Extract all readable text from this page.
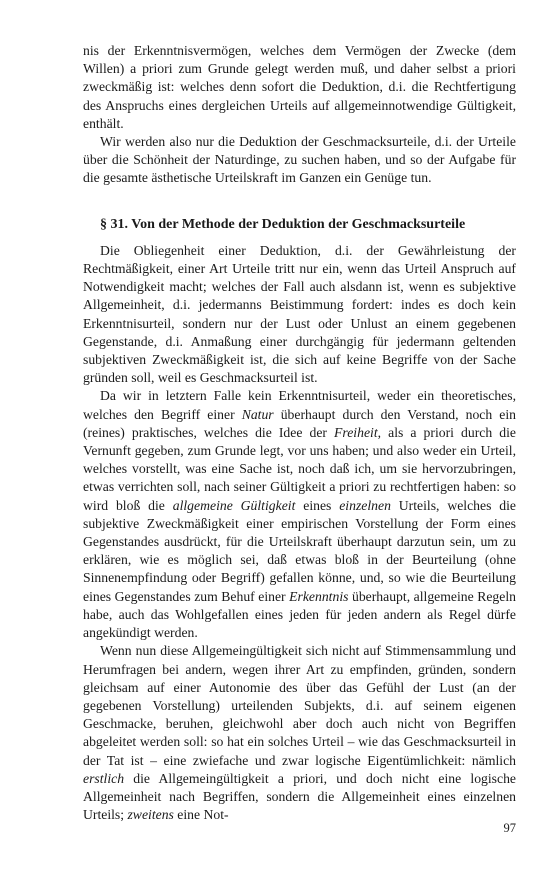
nis der Erkenntnisvermögen, welches dem Vermögen der Zwecke (dem Willen) a priori zum Grunde gelegt werden muß, und daher selbst a priori zweckmäßig ist: welches denn sofort die Deduktion, d.i. die Rechtfertigung des Anspruchs eines dergleichen Urteils auf allgemeinnotwendige Gültigkeit, enthält.

Wir werden also nur die Deduktion der Geschmacksurteile, d.i. der Urteile über die Schönheit der Naturdinge, zu suchen haben, und so der Aufgabe für die gesamte ästhetische Urteilskraft im Ganzen ein Genüge tun.

§ 31. Von der Methode der Deduktion der Geschmacksurteile

Die Obliegenheit einer Deduktion, d.i. der Gewährleistung der Rechtmäßigkeit, einer Art Urteile tritt nur ein, wenn das Urteil Anspruch auf Notwendigkeit macht; welches der Fall auch alsdann ist, wenn es subjektive Allgemeinheit, d.i. jedermanns Beistimmung fordert: indes es doch kein Erkenntnisurteil, sondern nur der Lust oder Unlust an einem gegebenen Gegenstande, d.i. Anmaßung einer durchgängig für jedermann geltenden subjektiven Zweckmäßigkeit ist, die sich auf keine Begriffe von der Sache gründen soll, weil es Geschmacksurteil ist.

Da wir in letztern Falle kein Erkenntnisurteil, weder ein theoretisches, welches den Begriff einer Natur überhaupt durch den Verstand, noch ein (reines) praktisches, welches die Idee der Freiheit, als a priori durch die Vernunft gegeben, zum Grunde legt, vor uns haben; und also weder ein Urteil, welches vorstellt, was eine Sache ist, noch daß ich, um sie hervorzubringen, etwas verrichten soll, nach seiner Gültigkeit a priori zu rechtfertigen haben: so wird bloß die allgemeine Gültigkeit eines einzelnen Urteils, welches die subjektive Zweckmäßigkeit einer empirischen Vorstellung der Form eines Gegenstandes ausdrückt, für die Urteilskraft überhaupt darzutun sein, um zu erklären, wie es möglich sei, daß etwas bloß in der Beurteilung (ohne Sinnenempfindung oder Begriff) gefallen könne, und, so wie die Beurteilung eines Gegenstandes zum Behuf einer Erkenntnis überhaupt, allgemeine Regeln habe, auch das Wohlgefallen eines jeden für jeden andern als Regel dürfe angekündigt werden.

Wenn nun diese Allgemeingültigkeit sich nicht auf Stimmensammlung und Herumfragen bei andern, wegen ihrer Art zu empfinden, gründen, sondern gleichsam auf einer Autonomie des über das Gefühl der Lust (an der gegebenen Vorstellung) urteilenden Subjekts, d.i. auf seinem eigenen Geschmacke, beruhen, gleichwohl aber doch auch nicht von Begriffen abgeleitet werden soll: so hat ein solches Urteil – wie das Geschmacksurteil in der Tat ist – eine zwiefache und zwar logische Eigentümlichkeit: nämlich erstlich die Allgemeingültigkeit a priori, und doch nicht eine logische Allgemeinheit nach Begriffen, sondern die Allgemeinheit eines einzelnen Urteils; zweitens eine Not-

97
